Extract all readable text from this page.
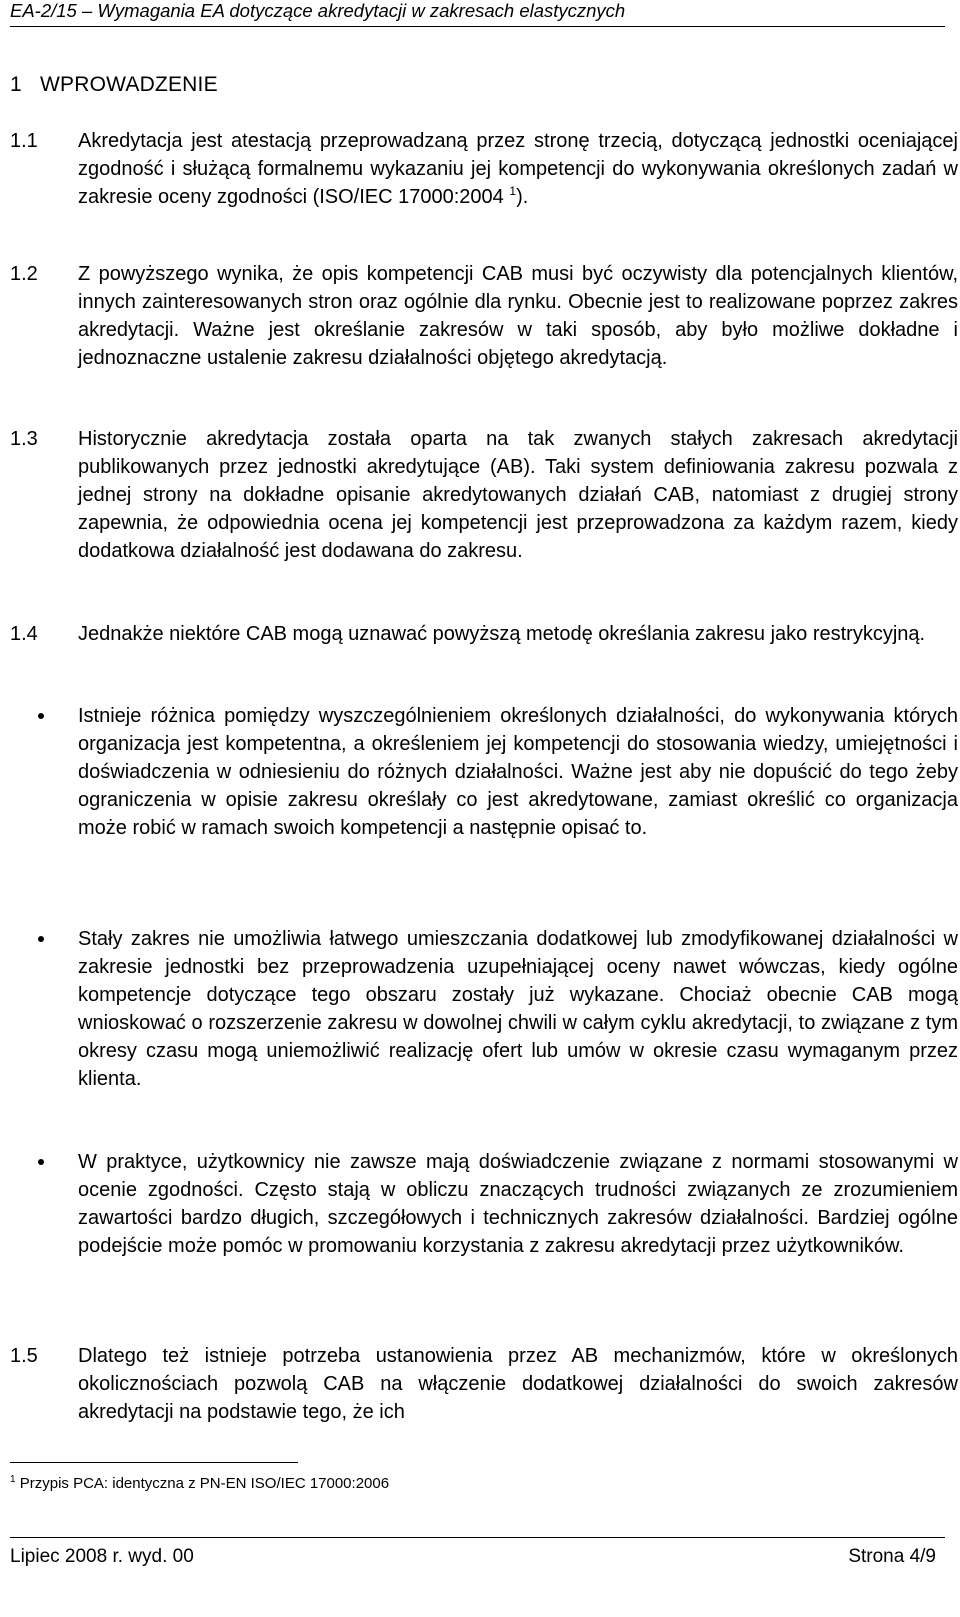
EA-2/15 – Wymagania EA dotyczące akredytacji w zakresach elastycznych
1 WPROWADZENIE
1.1	Akredytacja jest atestacją przeprowadzaną przez stronę trzecią, dotyczącą jednostki oceniającej zgodność i służącą formalnemu wykazaniu jej kompetencji do wykonywania określonych zadań w zakresie oceny zgodności (ISO/IEC 17000:2004 $^1$).
1.2	Z powyższego wynika, że opis kompetencji CAB musi być oczywisty dla potencjalnych klientów, innych zainteresowanych stron oraz ogólnie dla rynku. Obecnie jest to realizowane poprzez zakres akredytacji. Ważne jest określanie zakresów w taki sposób, aby było możliwe dokładne i jednoznaczne ustalenie zakresu działalności objętego akredytacją.
1.3	Historycznie akredytacja została oparta na tak zwanych stałych zakresach akredytacji publikowanych przez jednostki akredytujące (AB). Taki system definiowania zakresu pozwala z jednej strony na dokładne opisanie akredytowanych działań CAB, natomiast z drugiej strony zapewnia, że odpowiednia ocena jej kompetencji jest przeprowadzona za każdym razem, kiedy dodatkowa działalność jest dodawana do zakresu.
1.4	Jednakże niektóre CAB mogą uznawać powyższą metodę określania zakresu jako restrykcyjną.
Istnieje różnica pomiędzy wyszczególnieniem określonych działalności, do wykonywania których organizacja jest kompetentna, a określeniem jej kompetencji do stosowania wiedzy, umiejętności i doświadczenia w odniesieniu do różnych działalności. Ważne jest aby nie dopuścić do tego żeby ograniczenia w opisie zakresu określały co jest akredytowane, zamiast określić co organizacja może robić w ramach swoich kompetencji a następnie opisać to.
Stały zakres nie umożliwia łatwego umieszczania dodatkowej lub zmodyfikowanej działalności w zakresie jednostki bez przeprowadzenia uzupełniającej oceny nawet wówczas, kiedy ogólne kompetencje dotyczące tego obszaru zostały już wykazane. Chociaż obecnie CAB mogą wnioskować o rozszerzenie zakresu w dowolnej chwili w całym cyklu akredytacji, to związane z tym okresy czasu mogą uniemożliwić realizację ofert lub umów w okresie czasu wymaganym przez klienta.
W praktyce, użytkownicy nie zawsze mają doświadczenie związane z normami stosowanymi w ocenie zgodności. Często stają w obliczu znaczących trudności związanych ze zrozumieniem zawartości bardzo długich, szczegółowych i technicznych zakresów działalności. Bardziej ogólne podejście może pomóc w promowaniu korzystania z zakresu akredytacji przez użytkowników.
1.5	Dlatego też istnieje potrzeba ustanowienia przez AB mechanizmów, które w określonych okolicznościach pozwolą CAB na włączenie dodatkowej działalności do swoich zakresów akredytacji na podstawie tego, że ich
$^1$ Przypis PCA: identyczna z PN-EN ISO/IEC 17000:2006
Lipiec 2008 r. wyd. 00	Strona 4/9
